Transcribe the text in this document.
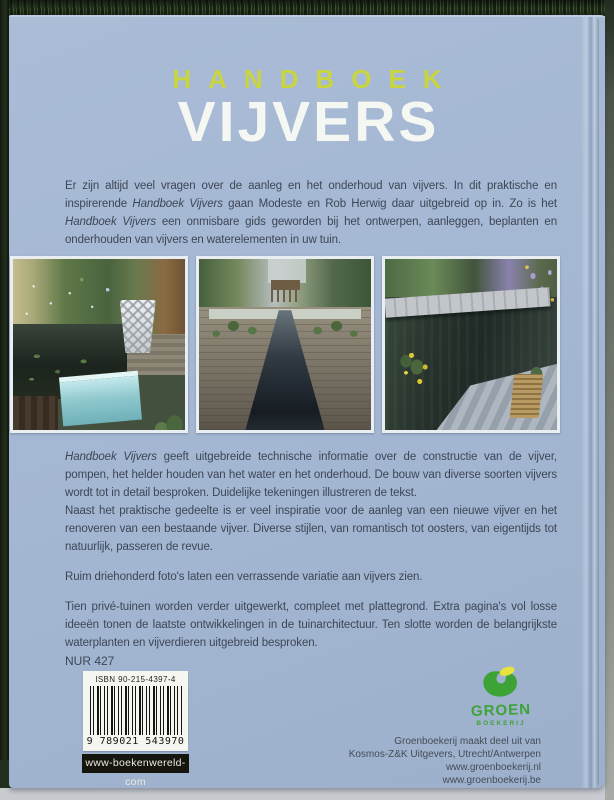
HANDBOEK
VIJVERS

Er zijn altijd veel vragen over de aanleg en het onderhoud van vijvers. In dit praktische en inspirerende Handboek Vijvers gaan Modeste en Rob Herwig daar uitgebreid op in. Zo is het Handboek Vijvers een onmisbare gids geworden bij het ontwerpen, aanleggen, beplanten en onderhouden van vijvers en waterelementen in uw tuin.

Handboek Vijvers geeft uitgebreide technische informatie over de constructie van de vijver, pompen, het helder houden van het water en het onderhoud. De bouw van diverse soorten vijvers wordt tot in detail besproken. Duidelijke tekeningen illustreren de tekst.

Naast het praktische gedeelte is er veel inspiratie voor de aanleg van een nieuwe vijver en het renoveren van een bestaande vijver. Diverse stijlen, van romantisch tot oosters, van eigentijds tot natuurlijk, passeren de revue.

Ruim driehonderd foto's laten een verrassende variatie aan vijvers zien.

Tien privé-tuinen worden verder uitgewerkt, compleet met plattegrond. Extra pagina's vol losse ideeën tonen de laatste ontwikkelingen in de tuinarchitectuur. Ten slotte worden de belangrijkste waterplanten en vijverdieren uitgebreid besproken.

NUR 427
ISBN 90-215-4397-4
9 789021 543970
www-boekenwereld-com
GROEN
BOEKERIJ
Groenboekerij maakt deel uit van
Kosmos-Z&K Uitgevers, Utrecht/Antwerpen
www.groenboekerij.nl
www.groenboekerij.be
